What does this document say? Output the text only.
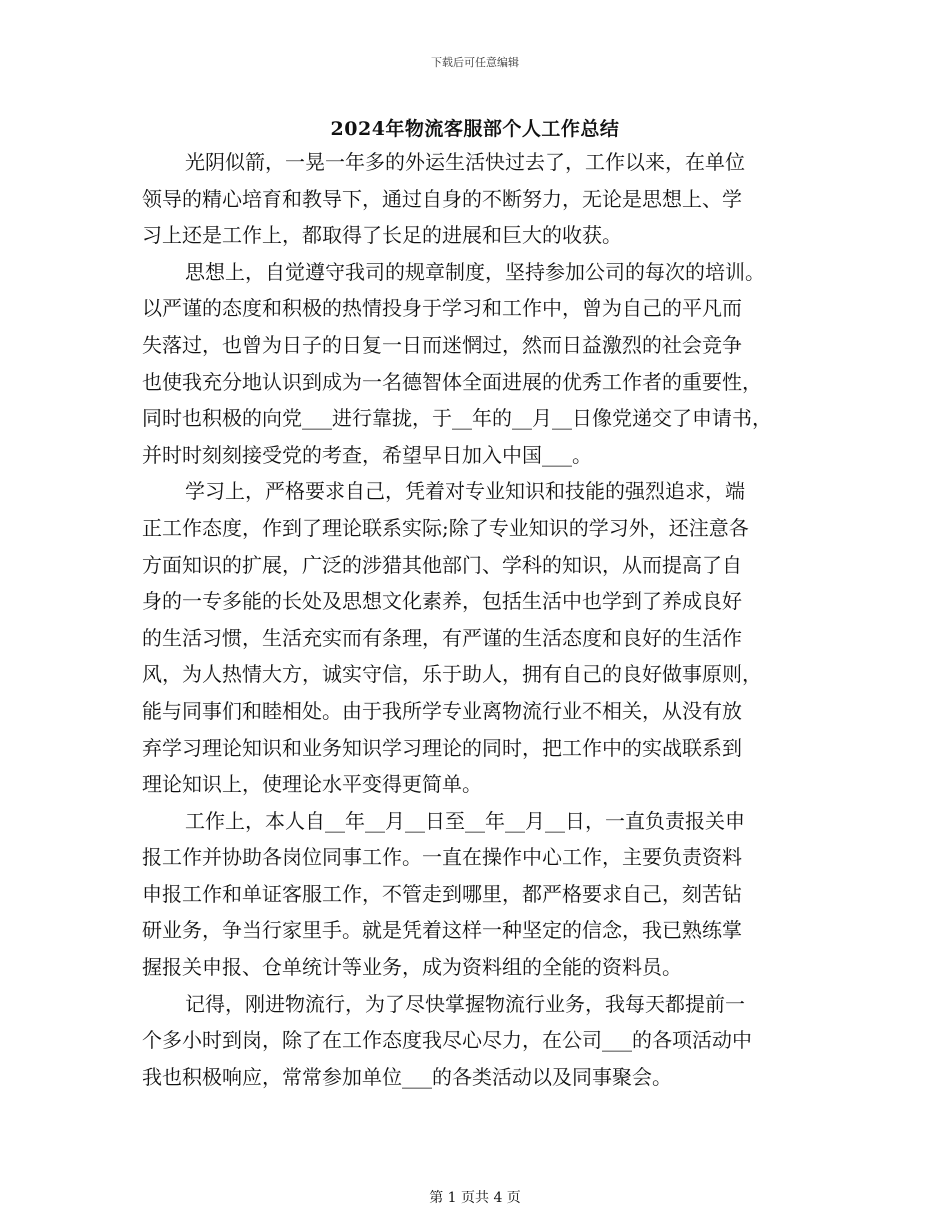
下载后可任意编辑
2024年物流客服部个人工作总结
光阴似箭，一晃一年多的外运生活快过去了，工作以来，在单位
领导的精心培育和教导下，通过自身的不断努力，无论是思想上、学
习上还是工作上，都取得了长足的进展和巨大的收获。
思想上，自觉遵守我司的规章制度，坚持参加公司的每次的培训。
以严谨的态度和积极的热情投身于学习和工作中，曾为自己的平凡而
失落过，也曾为日子的日复一日而迷惘过，然而日益激烈的社会竞争
也使我充分地认识到成为一名德智体全面进展的优秀工作者的重要性，
同时也积极的向党___进行靠拢，于__年的__月__日像党递交了申请书，
并时时刻刻接受党的考查，希望早日加入中国___。
学习上，严格要求自己，凭着对专业知识和技能的强烈追求，端
正工作态度，作到了理论联系实际;除了专业知识的学习外，还注意各
方面知识的扩展，广泛的涉猎其他部门、学科的知识，从而提高了自
身的一专多能的长处及思想文化素养，包括生活中也学到了养成良好
的生活习惯，生活充实而有条理，有严谨的生活态度和良好的生活作
风，为人热情大方，诚实守信，乐于助人，拥有自己的良好做事原则，
能与同事们和睦相处。由于我所学专业离物流行业不相关，从没有放
弃学习理论知识和业务知识学习理论的同时，把工作中的实战联系到
理论知识上，使理论水平变得更简单。
工作上，本人自__年__月__日至__年__月__日，一直负责报关申
报工作并协助各岗位同事工作。一直在操作中心工作，主要负责资料
申报工作和单证客服工作，不管走到哪里，都严格要求自己，刻苦钻
研业务，争当行家里手。就是凭着这样一种坚定的信念，我已熟练掌
握报关申报、仓单统计等业务，成为资料组的全能的资料员。
记得，刚进物流行，为了尽快掌握物流行业务，我每天都提前一
个多小时到岗，除了在工作态度我尽心尽力，在公司___的各项活动中
我也积极响应，常常参加单位___的各类活动以及同事聚会。
第 1 页共 4 页
